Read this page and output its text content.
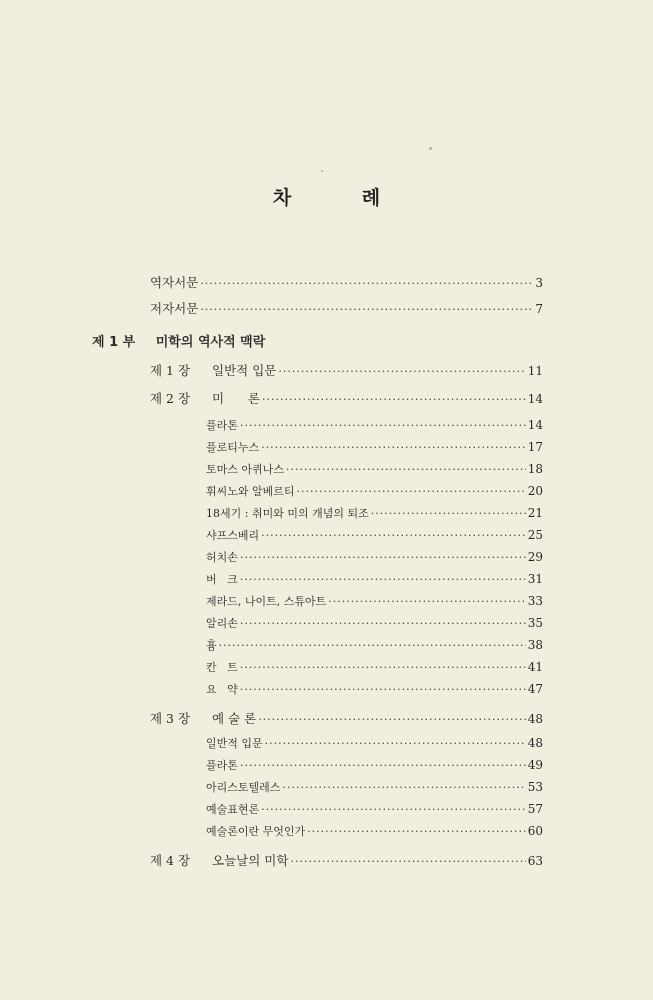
차 례
역자서문 ·····	3
저자서문 ·····	7
제 1 부 미학의 역사적 맥락
제 1 장 일반적 입문 ·····	11
제 2 장 미      론 ·····	14
플라톤 ·····	14
플로티누스 ·····	17
토마스 아퀴나스 ·····	18
휘씨노와 알베르티 ·····	20
18세기 : 취미와 미의 개념의 퇴조 ·····	21
샤프스베리 ·····	25
허치손 ·····	29
버   크 ·····	31
제라드, 나이트, 스튜아트 ·····	33
알리손 ·····	35
흄 ·····	38
칸   트 ·····	41
요   약 ·····	47
제 3 장 예 술 론 ·····	48
일반적 입문 ·····	48
플라톤 ·····	49
아리스토텔레스 ·····	53
예술표현론 ·····	57
예술론이란 무엇인가 ·····	60
제 4 장 오늘날의 미학 ·····	63
